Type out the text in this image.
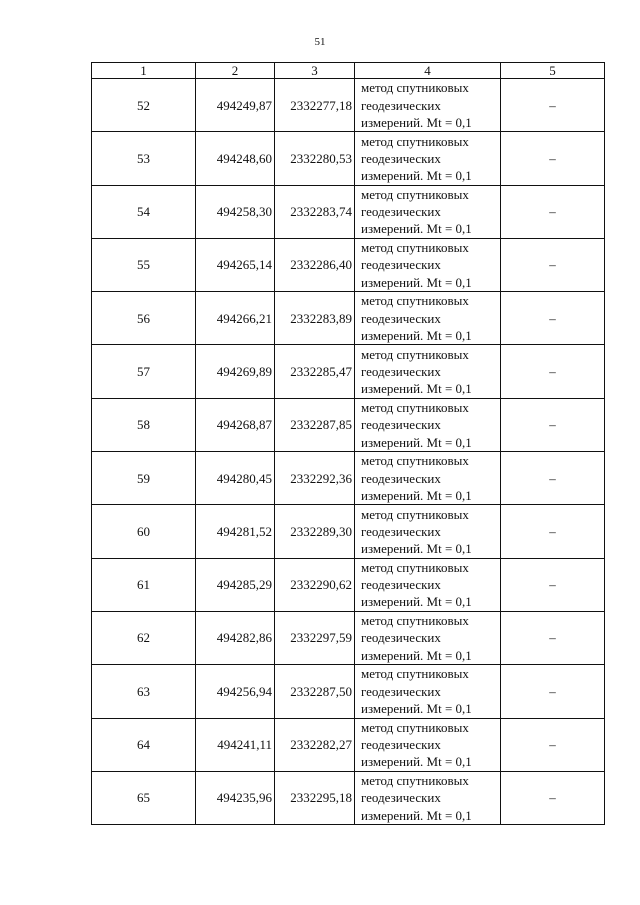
51
1	2	3	4	5
52	494249,87	2332277,18	метод спутниковых
геодезических
измерений. Mt = 0,1	–
53	494248,60	2332280,53	метод спутниковых
геодезических
измерений. Mt = 0,1	–
54	494258,30	2332283,74	метод спутниковых
геодезических
измерений. Mt = 0,1	–
55	494265,14	2332286,40	метод спутниковых
геодезических
измерений. Mt = 0,1	–
56	494266,21	2332283,89	метод спутниковых
геодезических
измерений. Mt = 0,1	–
57	494269,89	2332285,47	метод спутниковых
геодезических
измерений. Mt = 0,1	–
58	494268,87	2332287,85	метод спутниковых
геодезических
измерений. Mt = 0,1	–
59	494280,45	2332292,36	метод спутниковых
геодезических
измерений. Mt = 0,1	–
60	494281,52	2332289,30	метод спутниковых
геодезических
измерений. Mt = 0,1	–
61	494285,29	2332290,62	метод спутниковых
геодезических
измерений. Mt = 0,1	–
62	494282,86	2332297,59	метод спутниковых
геодезических
измерений. Mt = 0,1	–
63	494256,94	2332287,50	метод спутниковых
геодезических
измерений. Mt = 0,1	–
64	494241,11	2332282,27	метод спутниковых
геодезических
измерений. Mt = 0,1	–
65	494235,96	2332295,18	метод спутниковых
геодезических
измерений. Mt = 0,1	–
